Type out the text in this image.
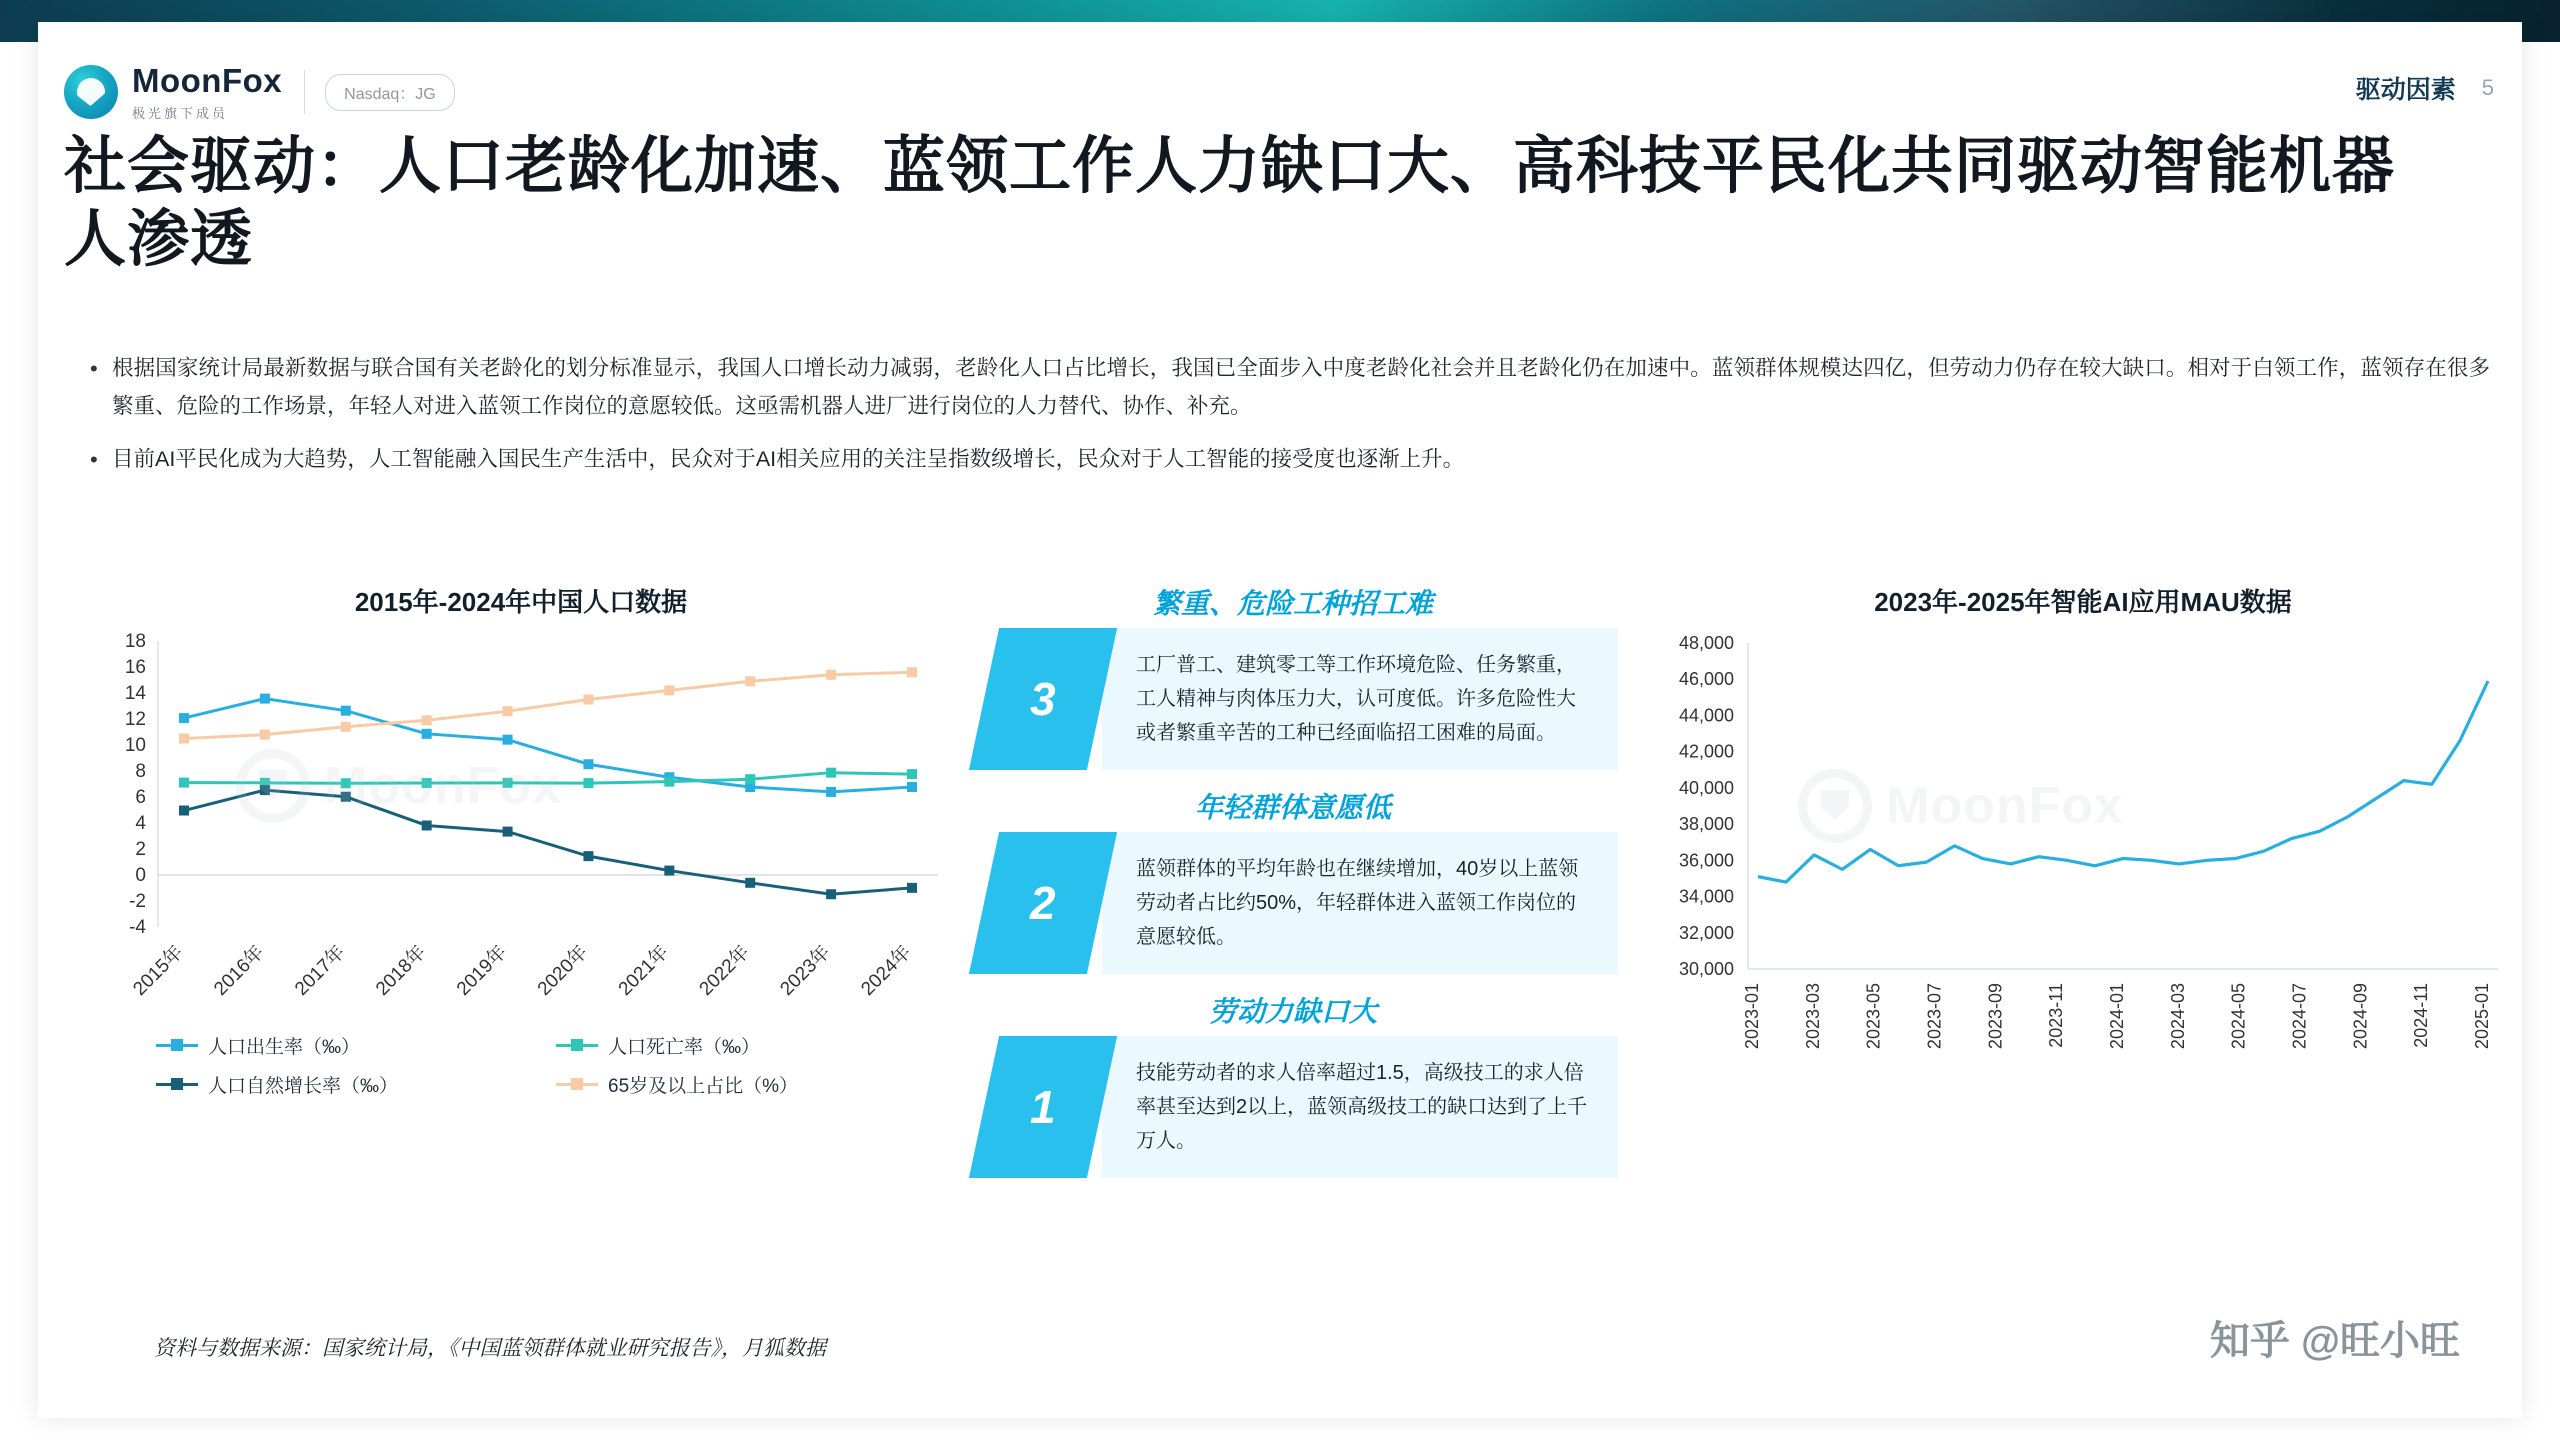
MoonFox
极光旗下成员
Nasdaq：JG	驱动因素 5
社会驱动：人口老龄化加速、蓝领工作人力缺口大、高科技平民化共同驱动智能机器人渗透
• 根据国家统计局最新数据与联合国有关老龄化的划分标准显示，我国人口增长动力减弱，老龄化人口占比增长，我国已全面步入中度老龄化社会并且老龄化仍在加速中。蓝领群体规模达四亿，但劳动力仍存在较大缺口。相对于白领工作，蓝领存在很多繁重、危险的工作场景，年轻人对进入蓝领工作岗位的意愿较低。这亟需机器人进厂进行岗位的人力替代、协作、补充。
• 目前AI平民化成为大趋势，人工智能融入国民生产生活中，民众对于AI相关应用的关注呈指数级增长，民众对于人工智能的接受度也逐渐上升。
2015年-2024年中国人口数据
MoonFox
-4
-2
0
2
4
6
8
10
12
14
16
18
2015年 2016年 2017年 2018年 2019年 2020年 2021年 2022年 2023年 2024年
人口出生率（‰）	人口死亡率（‰）
人口自然增长率（‰）	65岁及以上占比（%）
繁重、危险工种招工难
3
工厂普工、建筑零工等工作环境危险、任务繁重，工人精神与肉体压力大，认可度低。许多危险性大或者繁重辛苦的工种已经面临招工困难的局面。
年轻群体意愿低
2
蓝领群体的平均年龄也在继续增加，40岁以上蓝领劳动者占比约50%，年轻群体进入蓝领工作岗位的意愿较低。
劳动力缺口大
1
技能劳动者的求人倍率超过1.5，高级技工的求人倍率甚至达到2以上，蓝领高级技工的缺口达到了上千万人。
2023年-2025年智能AI应用MAU数据
MoonFox
30,000
32,000
34,000
36,000
38,000
40,000
42,000
44,000
46,000
48,000
2023-01 2023-03 2023-05 2023-07 2023-09 2023-11 2024-01 2024-03 2024-05 2024-07 2024-09 2024-11 2025-01
资料与数据来源：国家统计局，《中国蓝领群体就业研究报告》，月狐数据	知乎 @旺小旺
